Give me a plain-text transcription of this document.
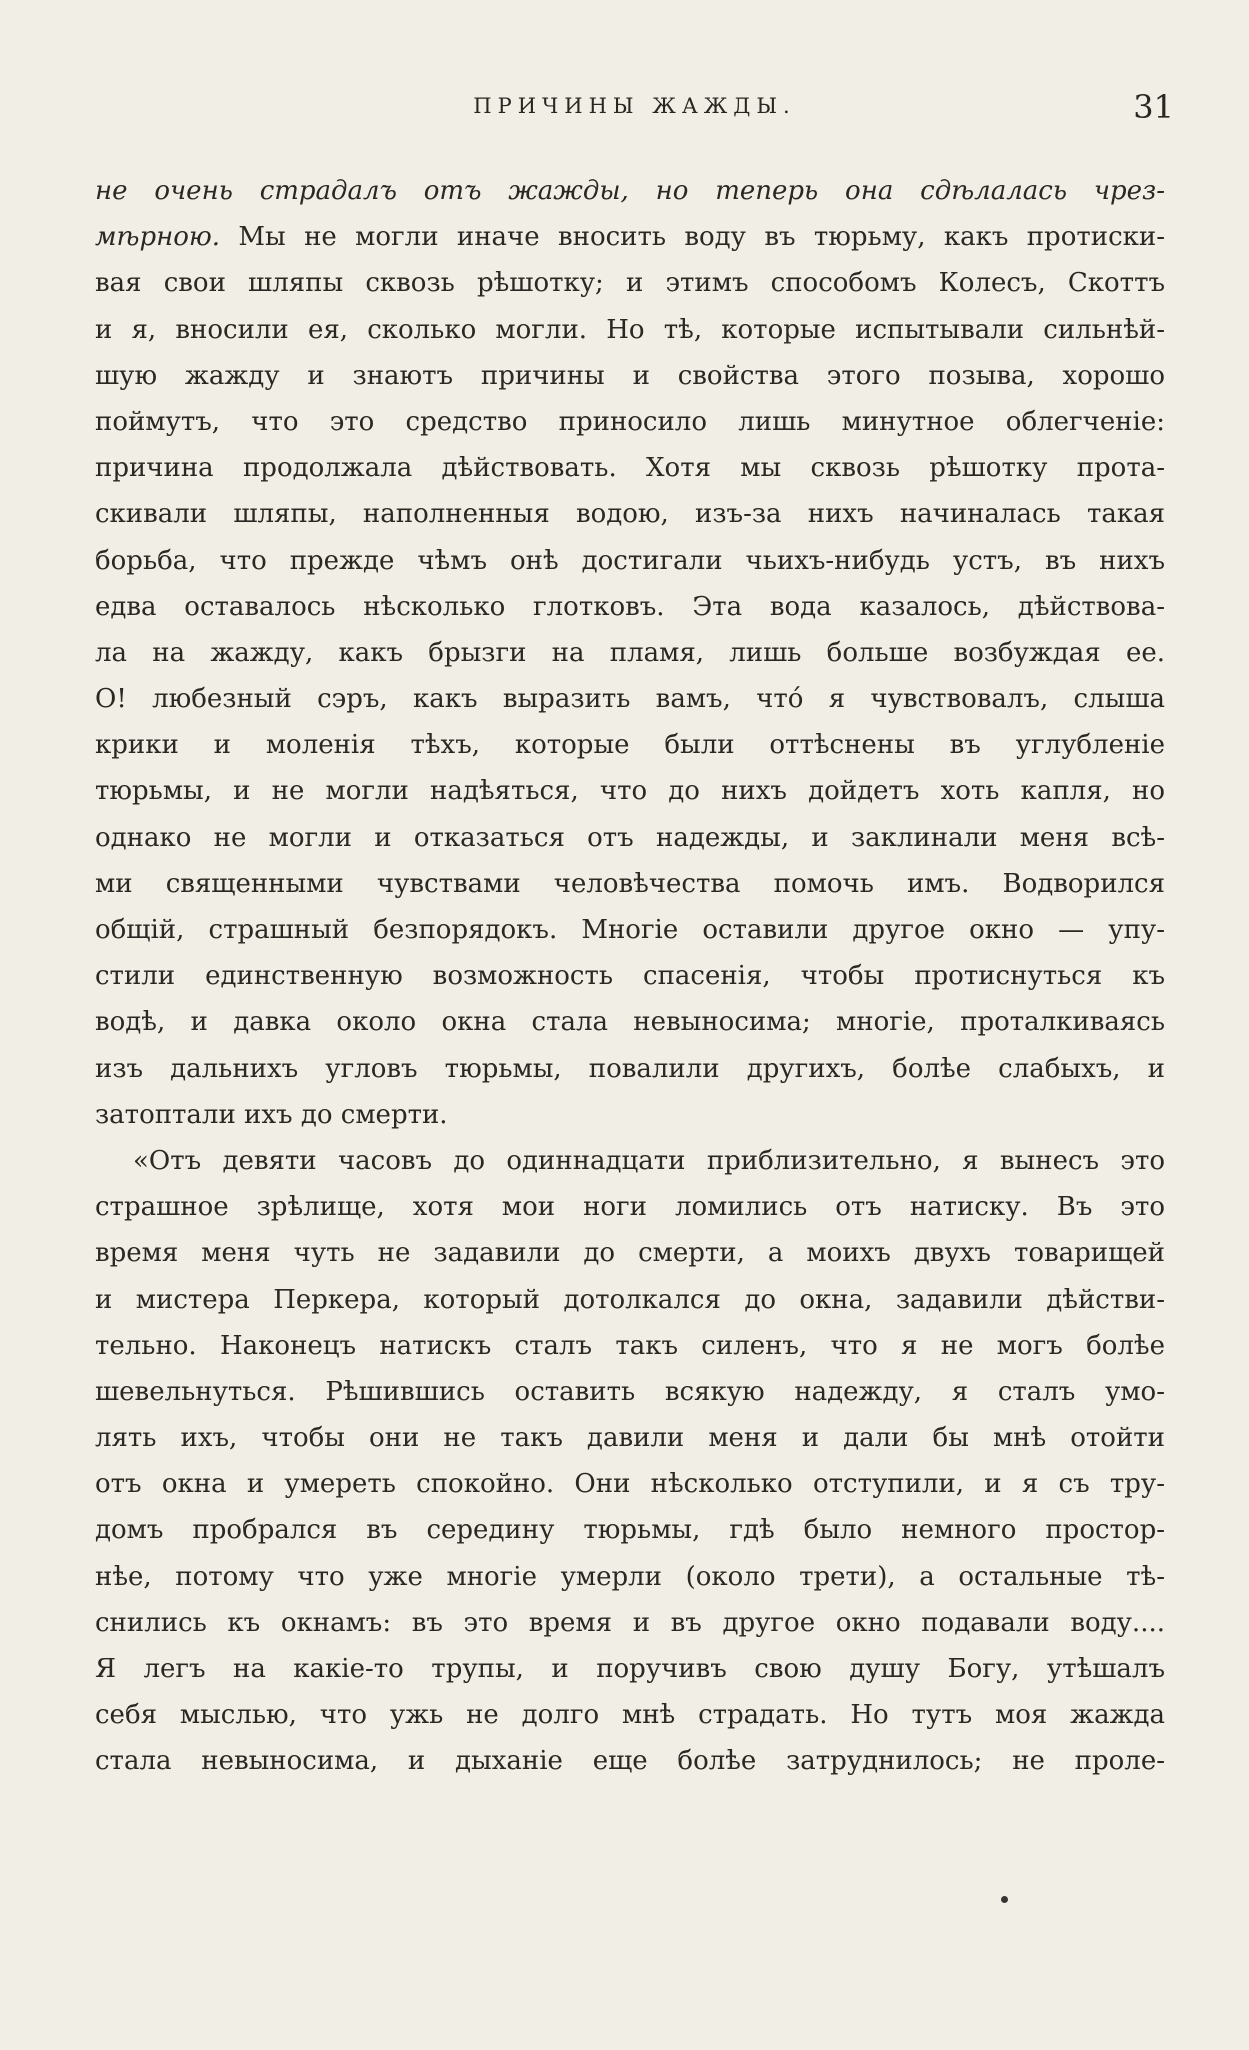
ПРИЧИНЫ ЖАЖДЫ.	31
не очень страдалъ отъ жажды, но теперь она сдѣлалась чрез-
мѣрною. Мы не могли иначе вносить воду въ тюрьму, какъ протиски-
вая свои шляпы сквозь рѣшотку; и этимъ способомъ Колесъ, Скоттъ
и я, вносили ея, сколько могли. Но тѣ, которые испытывали сильнѣй-
шую жажду и знаютъ причины и свойства этого позыва, хорошо
поймутъ, что это средство приносило лишь минутное облегченіе:
причина продолжала дѣйствовать. Хотя мы сквозь рѣшотку прота-
скивали шляпы, наполненныя водою, изъ-за нихъ начиналась такая
борьба, что прежде чѣмъ онѣ достигали чьихъ-нибудь устъ, въ нихъ
едва оставалось нѣсколько глотковъ. Эта вода казалось, дѣйствова-
ла на жажду, какъ брызги на пламя, лишь больше возбуждая ее.
О! любезный сэръ, какъ выразить вамъ, чтó я чувствовалъ, слыша
крики и моленія тѣхъ, которые были оттѣснены въ углубленіе
тюрьмы, и не могли надѣяться, что до нихъ дойдетъ хоть капля, но
однако не могли и отказаться отъ надежды, и заклинали меня всѣ-
ми священными чувствами человѣчества помочь имъ. Водворился
общій, страшный безпорядокъ. Многіе оставили другое окно — упу-
стили единственную возможность спасенія, чтобы протиснуться къ
водѣ, и давка около окна стала невыносима; многіе, проталкиваясь
изъ дальнихъ угловъ тюрьмы, повалили другихъ, болѣе слабыхъ, и
затоптали ихъ до смерти.
«Отъ девяти часовъ до одиннадцати приблизительно, я вынесъ это
страшное зрѣлище, хотя мои ноги ломились отъ натиску. Въ это
время меня чуть не задавили до смерти, а моихъ двухъ товарищей
и мистера Перкера, который дотолкался до окна, задавили дѣйстви-
тельно. Наконецъ натискъ сталъ такъ силенъ, что я не могъ болѣе
шевельнуться. Рѣшившись оставить всякую надежду, я сталъ умо-
лять ихъ, чтобы они не такъ давили меня и дали бы мнѣ отойти
отъ окна и умереть спокойно. Они нѣсколько отступили, и я съ тру-
домъ пробрался въ середину тюрьмы, гдѣ было немного простор-
нѣе, потому что уже многіе умерли (около трети), а остальные тѣ-
снились къ окнамъ: въ это время и въ другое окно подавали воду....
Я легъ на какіе-то трупы, и поручивъ свою душу Богу, утѣшалъ
себя мыслью, что ужь не долго мнѣ страдать. Но тутъ моя жажда
стала невыносима, и дыханіе еще болѣе затруднилось; не проле-
